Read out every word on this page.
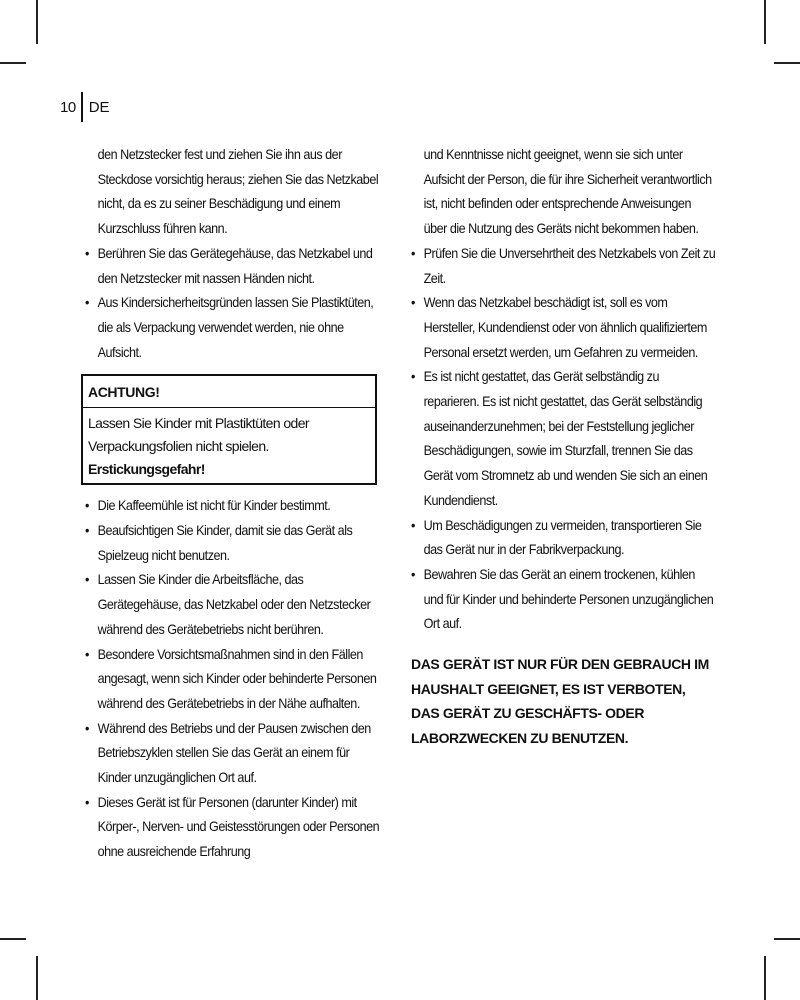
10 DE

den Netzstecker fest und ziehen Sie ihn aus der Steckdose vorsichtig heraus; ziehen Sie das Netzkabel nicht, da es zu seiner Beschädigung und einem Kurzschluss führen kann.

• Berühren Sie das Gerätegehäuse, das Netzkabel und den Netzstecker mit nassen Händen nicht.
• Aus Kindersicherheitsgründen lassen Sie Plastiktüten, die als Verpackung verwendet werden, nie ohne Aufsicht.
ACHTUNG!
Lassen Sie Kinder mit Plastiktüten oder Verpackungsfolien nicht spielen. Erstickungsgefahr!
• Die Kaffeemühle ist nicht für Kinder bestimmt.
• Beaufsichtigen Sie Kinder, damit sie das Gerät als Spielzeug nicht benutzen.
• Lassen Sie Kinder die Arbeitsfläche, das Gerätegehäuse, das Netzkabel oder den Netzstecker während des Gerätebetriebs nicht berühren.
• Besondere Vorsichtsmaßnahmen sind in den Fällen angesagt, wenn sich Kinder oder behinderte Personen während des Gerätebetriebs in der Nähe aufhalten.
• Während des Betriebs und der Pausen zwischen den Betriebszyklen stellen Sie das Gerät an einem für Kinder unzugänglichen Ort auf.
• Dieses Gerät ist für Personen (darunter Kinder) mit Körper-, Nerven- und Geistesstörungen oder Personen ohne ausreichende Erfahrung

und Kenntnisse nicht geeignet, wenn sie sich unter Aufsicht der Person, die für ihre Sicherheit verantwortlich ist, nicht befinden oder entsprechende Anweisungen über die Nutzung des Geräts nicht bekommen haben.

• Prüfen Sie die Unversehrtheit des Netzkabels von Zeit zu Zeit.
• Wenn das Netzkabel beschädigt ist, soll es vom Hersteller, Kundendienst oder von ähnlich qualifiziertem Personal ersetzt werden, um Gefahren zu vermeiden.
• Es ist nicht gestattet, das Gerät selbständig zu reparieren. Es ist nicht gestattet, das Gerät selbständig auseinanderzunehmen; bei der Feststellung jeglicher Beschädigungen, sowie im Sturzfall, trennen Sie das Gerät vom Stromnetz ab und wenden Sie sich an einen Kundendienst.
• Um Beschädigungen zu vermeiden, transportieren Sie das Gerät nur in der Fabrikverpackung.
• Bewahren Sie das Gerät an einem trockenen, kühlen und für Kinder und behinderte Personen unzugänglichen Ort auf.
DAS GERÄT IST NUR FÜR DEN GEBRAUCH IM HAUSHALT GEEIGNET, ES IST VERBOTEN, DAS GERÄT ZU GESCHÄFTS- ODER LABORZWECKEN ZU BENUTZEN.
